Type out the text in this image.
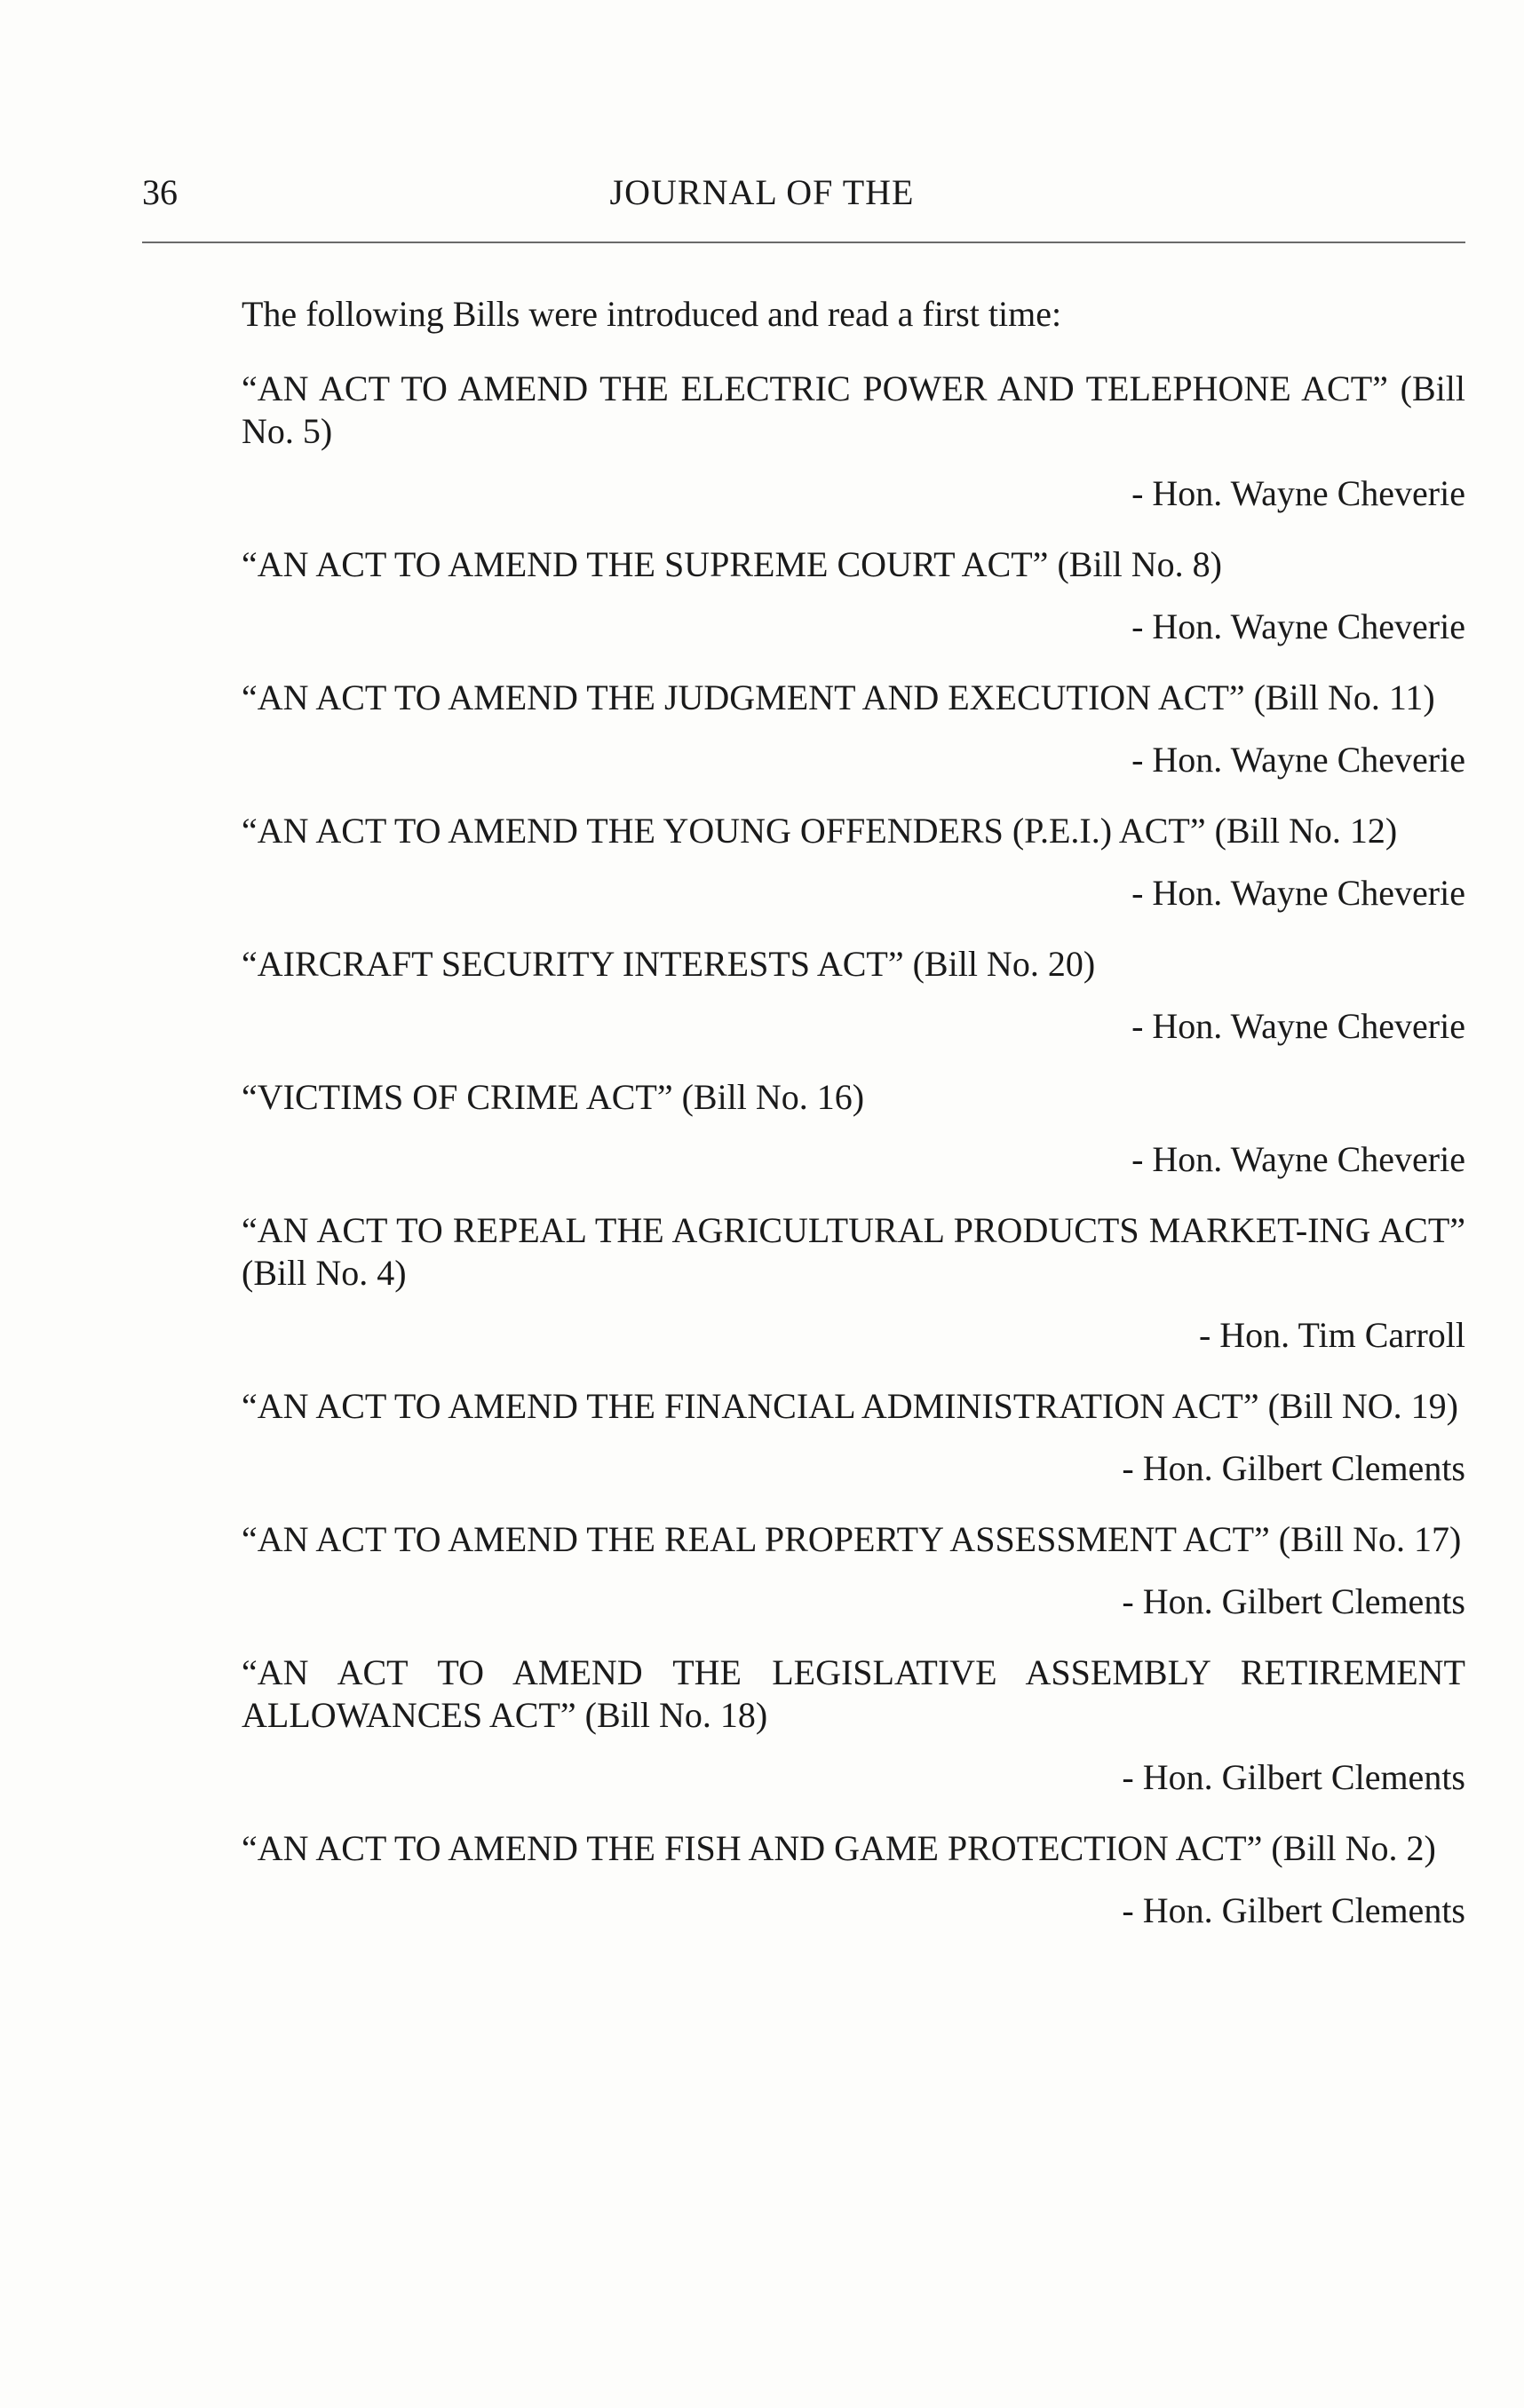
36	JOURNAL OF THE

The following Bills were introduced and read a first time:

“AN ACT TO AMEND THE ELECTRIC POWER AND TELEPHONE ACT” (Bill No. 5)

- Hon. Wayne Cheverie

“AN ACT TO AMEND THE SUPREME COURT ACT” (Bill No. 8)

- Hon. Wayne Cheverie

“AN ACT TO AMEND THE JUDGMENT AND EXECUTION ACT” (Bill No. 11)

- Hon. Wayne Cheverie

“AN ACT TO AMEND THE YOUNG OFFENDERS (P.E.I.) ACT” (Bill No. 12)

- Hon. Wayne Cheverie

“AIRCRAFT SECURITY INTERESTS ACT” (Bill No. 20)

- Hon. Wayne Cheverie

“VICTIMS OF CRIME ACT” (Bill No. 16)

- Hon. Wayne Cheverie

“AN ACT TO REPEAL THE AGRICULTURAL PRODUCTS MARKET-ING ACT” (Bill No. 4)

- Hon. Tim Carroll

“AN ACT TO AMEND THE FINANCIAL ADMINISTRATION ACT” (Bill NO. 19)

- Hon. Gilbert Clements

“AN ACT TO AMEND THE REAL PROPERTY ASSESSMENT ACT” (Bill No. 17)

- Hon. Gilbert Clements

“AN ACT TO AMEND THE LEGISLATIVE ASSEMBLY RETIREMENT ALLOWANCES ACT” (Bill No. 18)

- Hon. Gilbert Clements

“AN ACT TO AMEND THE FISH AND GAME PROTECTION ACT” (Bill No. 2)

- Hon. Gilbert Clements
